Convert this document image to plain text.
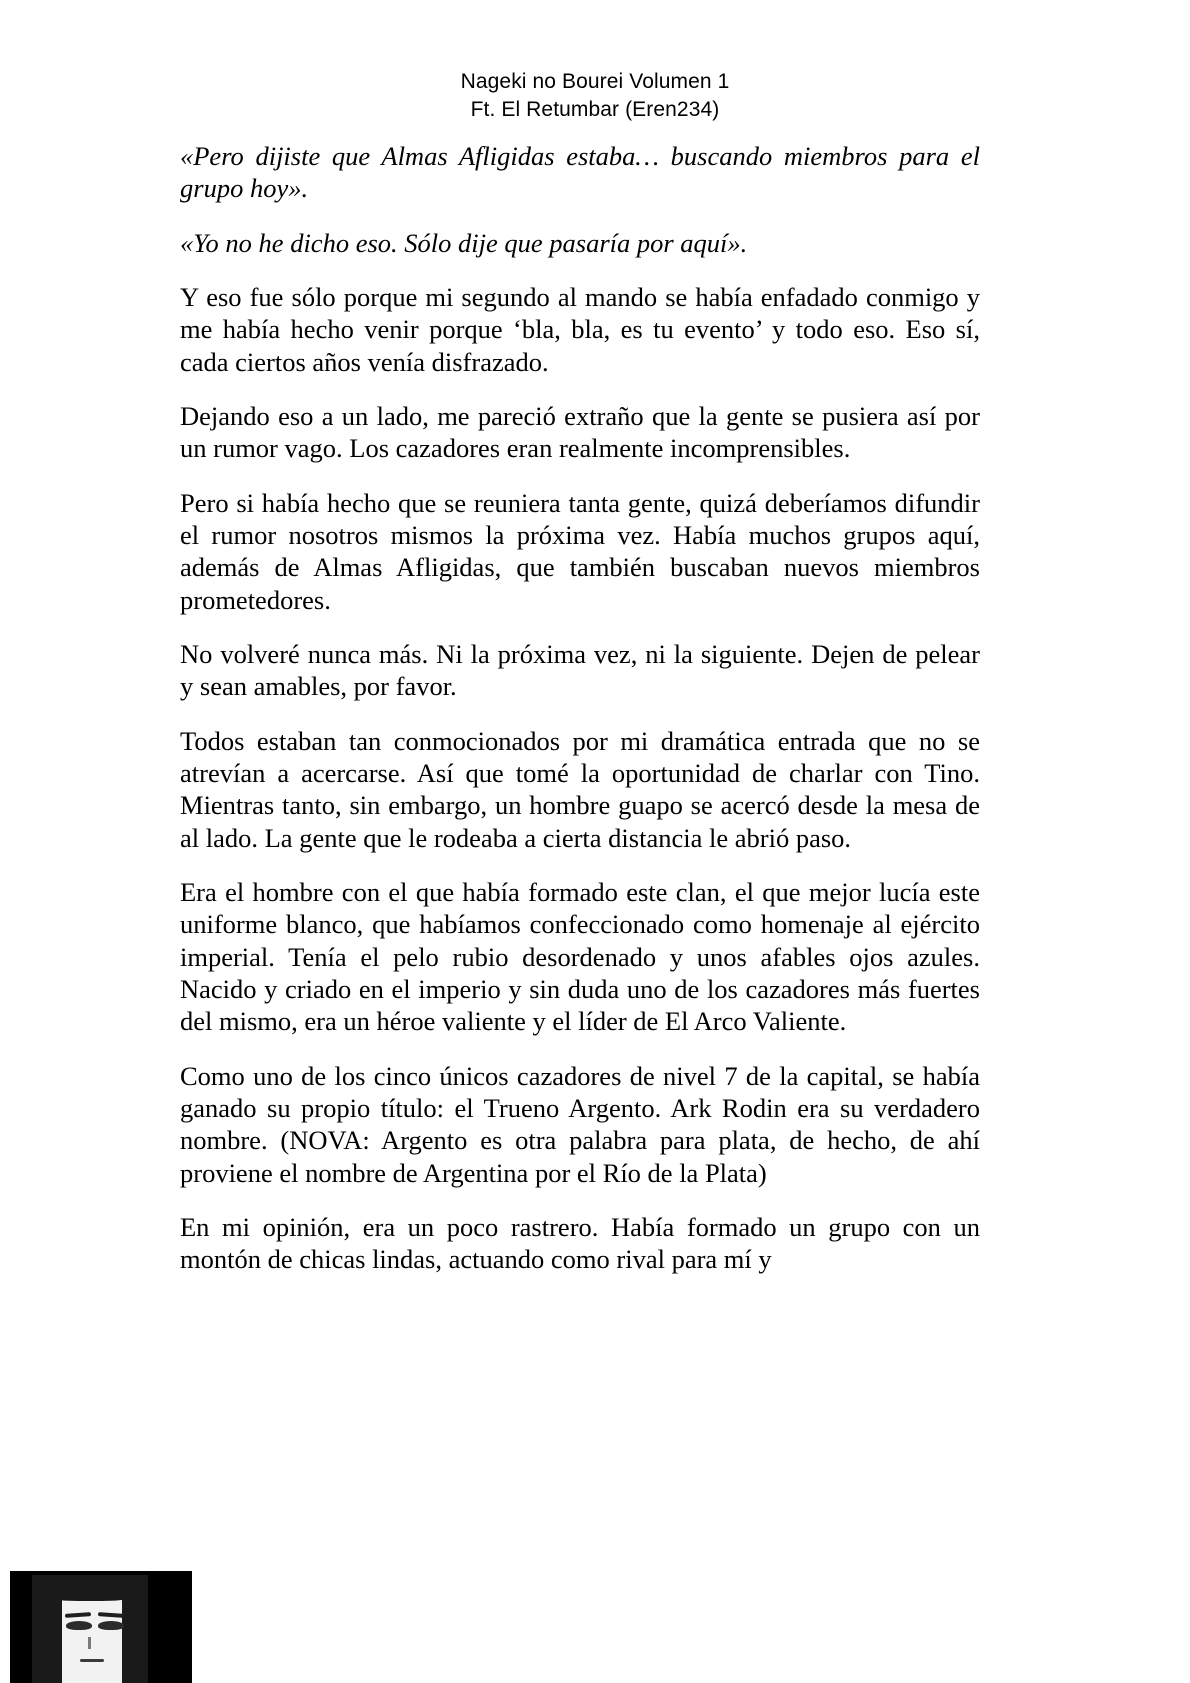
Nageki no Bourei Volumen 1
Ft. El Retumbar (Eren234)

«Pero dijiste que Almas Afligidas estaba… buscando miembros para el grupo hoy».

«Yo no he dicho eso. Sólo dije que pasaría por aquí».

Y eso fue sólo porque mi segundo al mando se había enfadado conmigo y me había hecho venir porque ‘bla, bla, es tu evento’ y todo eso. Eso sí, cada ciertos años venía disfrazado.

Dejando eso a un lado, me pareció extraño que la gente se pusiera así por un rumor vago. Los cazadores eran realmente incomprensibles.

Pero si había hecho que se reuniera tanta gente, quizá deberíamos difundir el rumor nosotros mismos la próxima vez. Había muchos grupos aquí, además de Almas Afligidas, que también buscaban nuevos miembros prometedores.

No volveré nunca más. Ni la próxima vez, ni la siguiente. Dejen de pelear y sean amables, por favor.

Todos estaban tan conmocionados por mi dramática entrada que no se atrevían a acercarse. Así que tomé la oportunidad de charlar con Tino. Mientras tanto, sin embargo, un hombre guapo se acercó desde la mesa de al lado. La gente que le rodeaba a cierta distancia le abrió paso.

Era el hombre con el que había formado este clan, el que mejor lucía este uniforme blanco, que habíamos confeccionado como homenaje al ejército imperial. Tenía el pelo rubio desordenado y unos afables ojos azules. Nacido y criado en el imperio y sin duda uno de los cazadores más fuertes del mismo, era un héroe valiente y el líder de El Arco Valiente.

Como uno de los cinco únicos cazadores de nivel 7 de la capital, se había ganado su propio título: el Trueno Argento. Ark Rodin era su verdadero nombre. (NOVA: Argento es otra palabra para plata, de hecho, de ahí proviene el nombre de Argentina por el Río de la Plata)

En mi opinión, era un poco rastrero. Había formado un grupo con un montón de chicas lindas, actuando como rival para mí y
